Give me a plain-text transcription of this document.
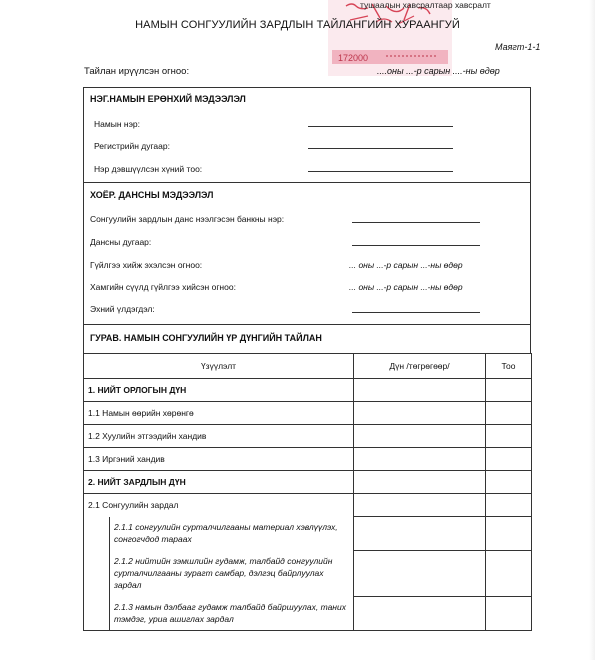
172000
тушаалын хавсралтаар хавсралт
НАМЫН СОНГУУЛИЙН ЗАРДЛЫН ТАЙЛАНГИЙН ХУРААНГУЙ
Маягт-1-1
Тайлан ирүүлсэн огноо:	....оны ...-р сарын ....-ны өдөр
НЭГ.НАМЫН ЕРӨНХИЙ МЭДЭЭЛЭЛ
Намын нэр:
Регистрийн дугаар:
Нэр дэвшүүлсэн хүний тоо:
ХОЁР. ДАНСНЫ МЭДЭЭЛЭЛ
Сонгуулийн зардлын данс нээлгэсэн банкны нэр:
Дансны дугаар:
Гүйлгээ хийж эхэлсэн огноо:	... оны ...-р сарын ...-ны өдөр
Хамгийн сүүлд гүйлгээ хийсэн огноо:	... оны ...-р сарын ...-ны өдөр
Эхний үлдэгдэл:
ГУРАВ. НАМЫН СОНГУУЛИЙН ҮР ДҮНГИЙН ТАЙЛАН
Үзүүлэлт	Дүн /төгрөгөөр/	Тоо
1. НИЙТ ОРЛОГЫН ДҮН		
1.1 Намын өөрийн хөрөнгө		
1.2 Хуулийн этгээдийн хандив		
1.3 Иргэний хандив		
2. НИЙТ ЗАРДЛЫН ДҮН		
2.1 Сонгуулийн зардал		

2.1.1 сонгуулийн сурталчилгааны материал хэвлүүлэх, сонгогчдод тараах		

2.1.2 нийтийн зэмшлийн гудамж, талбайд сонгуулийн сурталчилгааны зурагт самбар, дэлгэц байрлуулах зардал		

2.1.3 намын дэлбааг гудамж талбайд байршуулах, таних тэмдэг, уриа ашиглах зардал		
